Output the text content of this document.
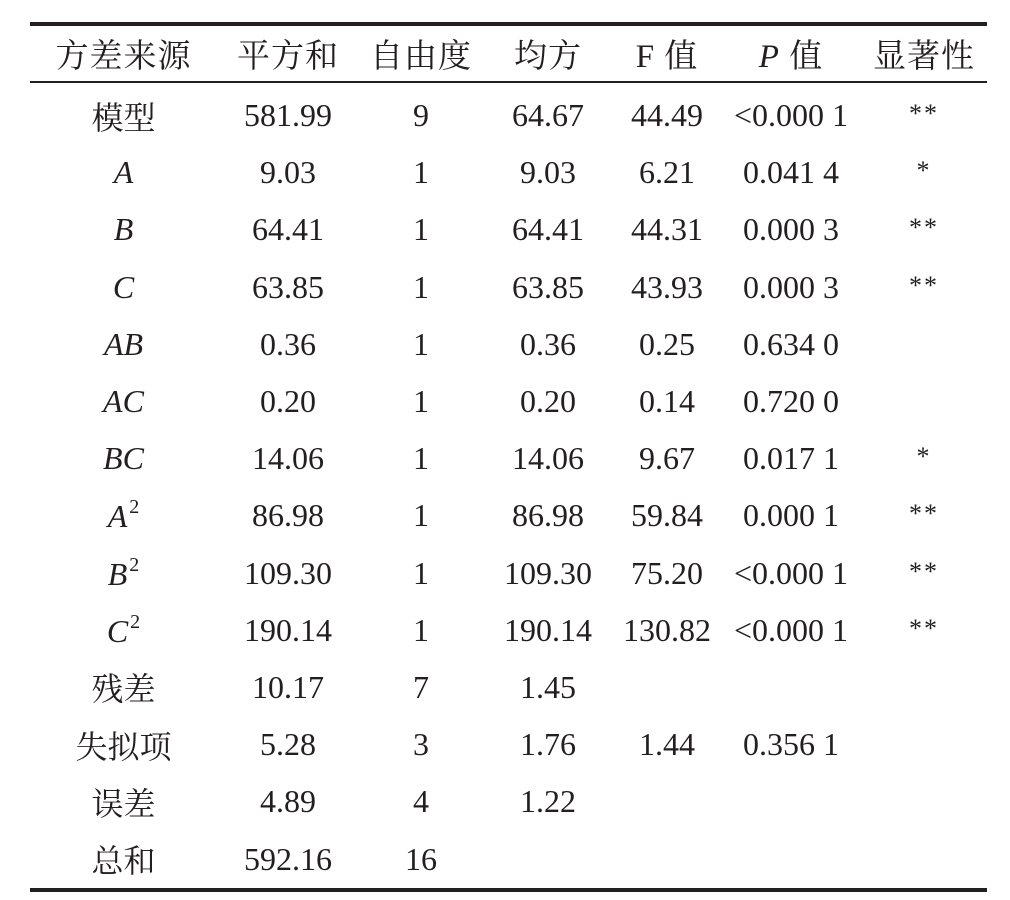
方差来源	平方和	自由度	均方	F 值	P 值	显著性
模型	581.99	9	64.67	44.49	<0.000 1	**
A	9.03	1	9.03	6.21	0.041 4	*
B	64.41	1	64.41	44.31	0.000 3	**
C	63.85	1	63.85	43.93	0.000 3	**
AB	0.36	1	0.36	0.25	0.634 0	
AC	0.20	1	0.20	0.14	0.720 0	
BC	14.06	1	14.06	9.67	0.017 1	*
A $^2$	86.98	1	86.98	59.84	0.000 1	**
B $^2$	109.30	1	109.30	75.20	<0.000 1	**
C $^2$	190.14	1	190.14	130.82	<0.000 1	**
残差	10.17	7	1.45			
失拟项	5.28	3	1.76	1.44	0.356 1	
误差	4.89	4	1.22			
总和	592.16	16				
